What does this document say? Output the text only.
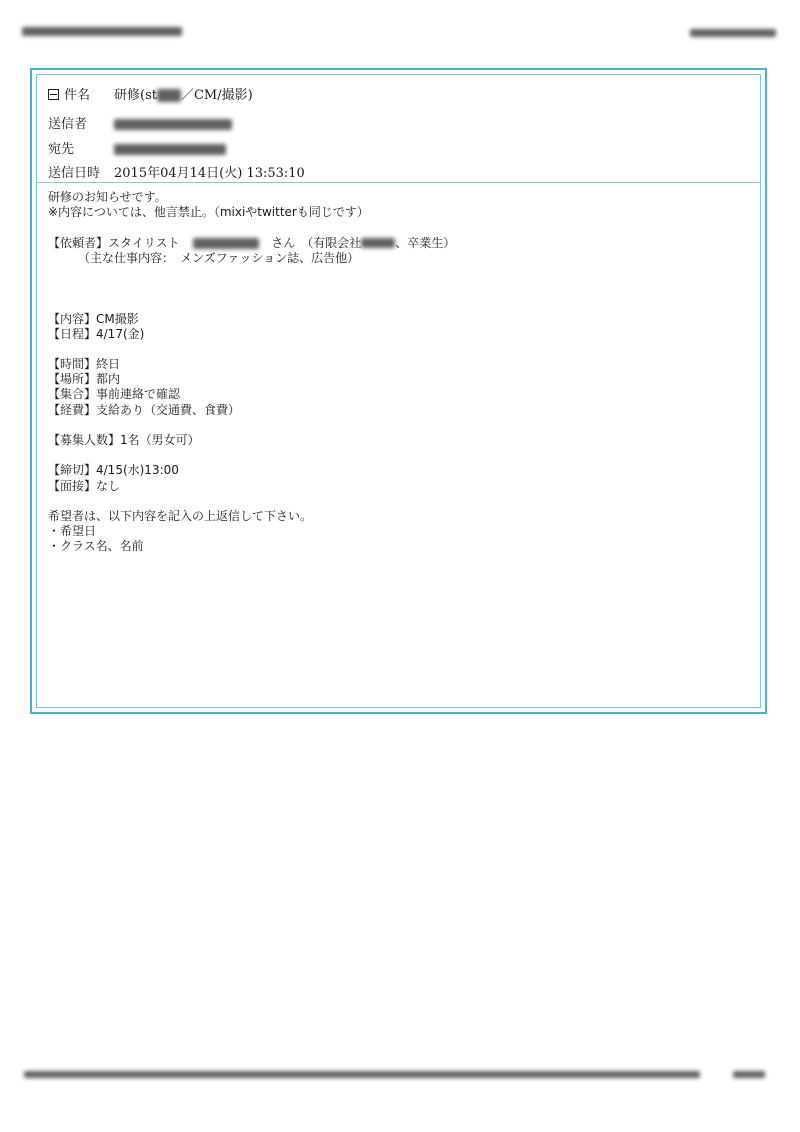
件名 研修(st ／CM/撮影)
送信者
宛先
送信日時 2015年04月14日(火) 13:53:10
研修のお知らせです。
※内容については、他言禁止。（mixiやtwitterも同じです）
【依頼者】スタイリスト	さん　（有限会社	、卒業生）
　　　（主な仕事内容：　メンズファッション誌、広告他）
【内容】CM撮影
【日程】4/17(金)
【時間】終日
【場所】都内
【集合】事前連絡で確認
【経費】支給あり（交通費、食費）
【募集人数】1名（男女可）
【締切】4/15(水)13:00
【面接】なし
希望者は、以下内容を記入の上返信して下さい。
・希望日
・クラス名、名前
